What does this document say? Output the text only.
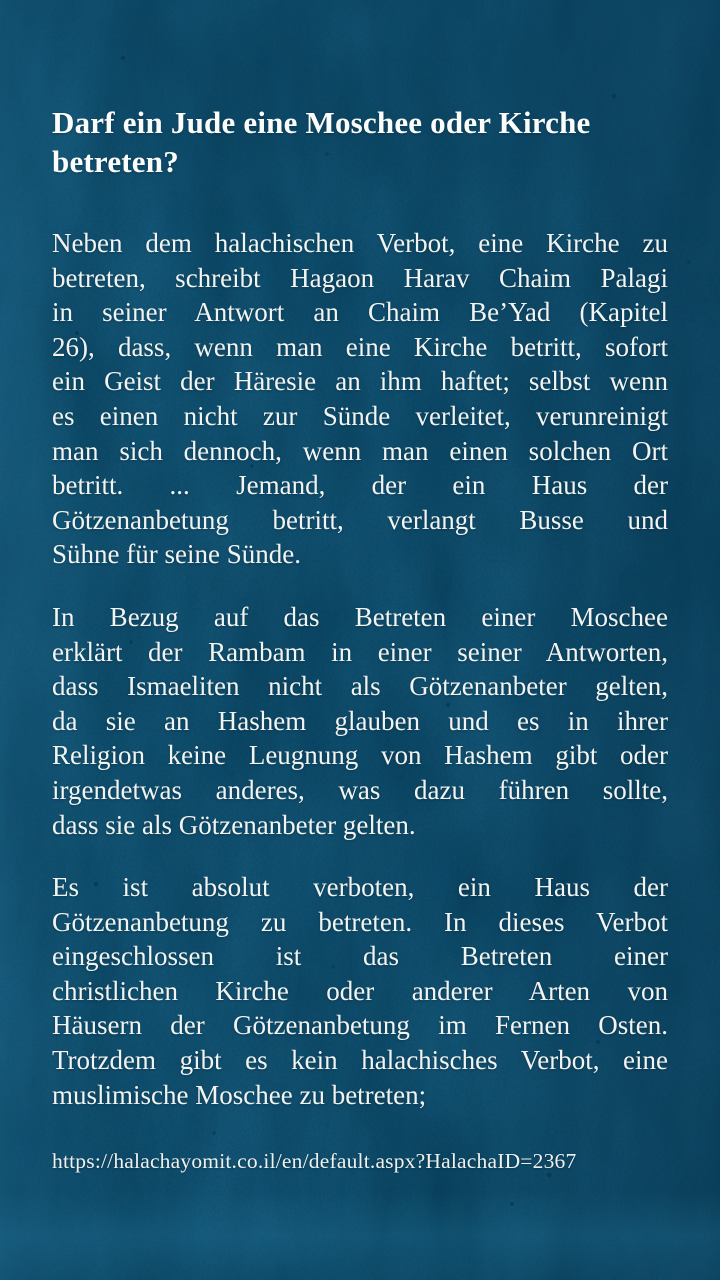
Darf ein Jude eine Moschee oder Kirche
betreten?
Neben dem halachischen Verbot, eine Kirche zu
betreten, schreibt Hagaon Harav Chaim Palagi
in seiner Antwort an Chaim Be’Yad (Kapitel
26), dass, wenn man eine Kirche betritt, sofort
ein Geist der Häresie an ihm haftet; selbst wenn
es einen nicht zur Sünde verleitet, verunreinigt
man sich dennoch, wenn man einen solchen Ort
betritt. ... Jemand, der ein Haus der
Götzenanbetung betritt, verlangt Busse und
Sühne für seine Sünde.
In Bezug auf das Betreten einer Moschee
erklärt der Rambam in einer seiner Antworten,
dass Ismaeliten nicht als Götzenanbeter gelten,
da sie an Hashem glauben und es in ihrer
Religion keine Leugnung von Hashem gibt oder
irgendetwas anderes, was dazu führen sollte,
dass sie als Götzenanbeter gelten.
Es ist absolut verboten, ein Haus der
Götzenanbetung zu betreten. In dieses Verbot
eingeschlossen ist das Betreten einer
christlichen Kirche oder anderer Arten von
Häusern der Götzenanbetung im Fernen Osten.
Trotzdem gibt es kein halachisches Verbot, eine
muslimische Moschee zu betreten;
https://halachayomit.co.il/en/default.aspx?HalachaID=2367
